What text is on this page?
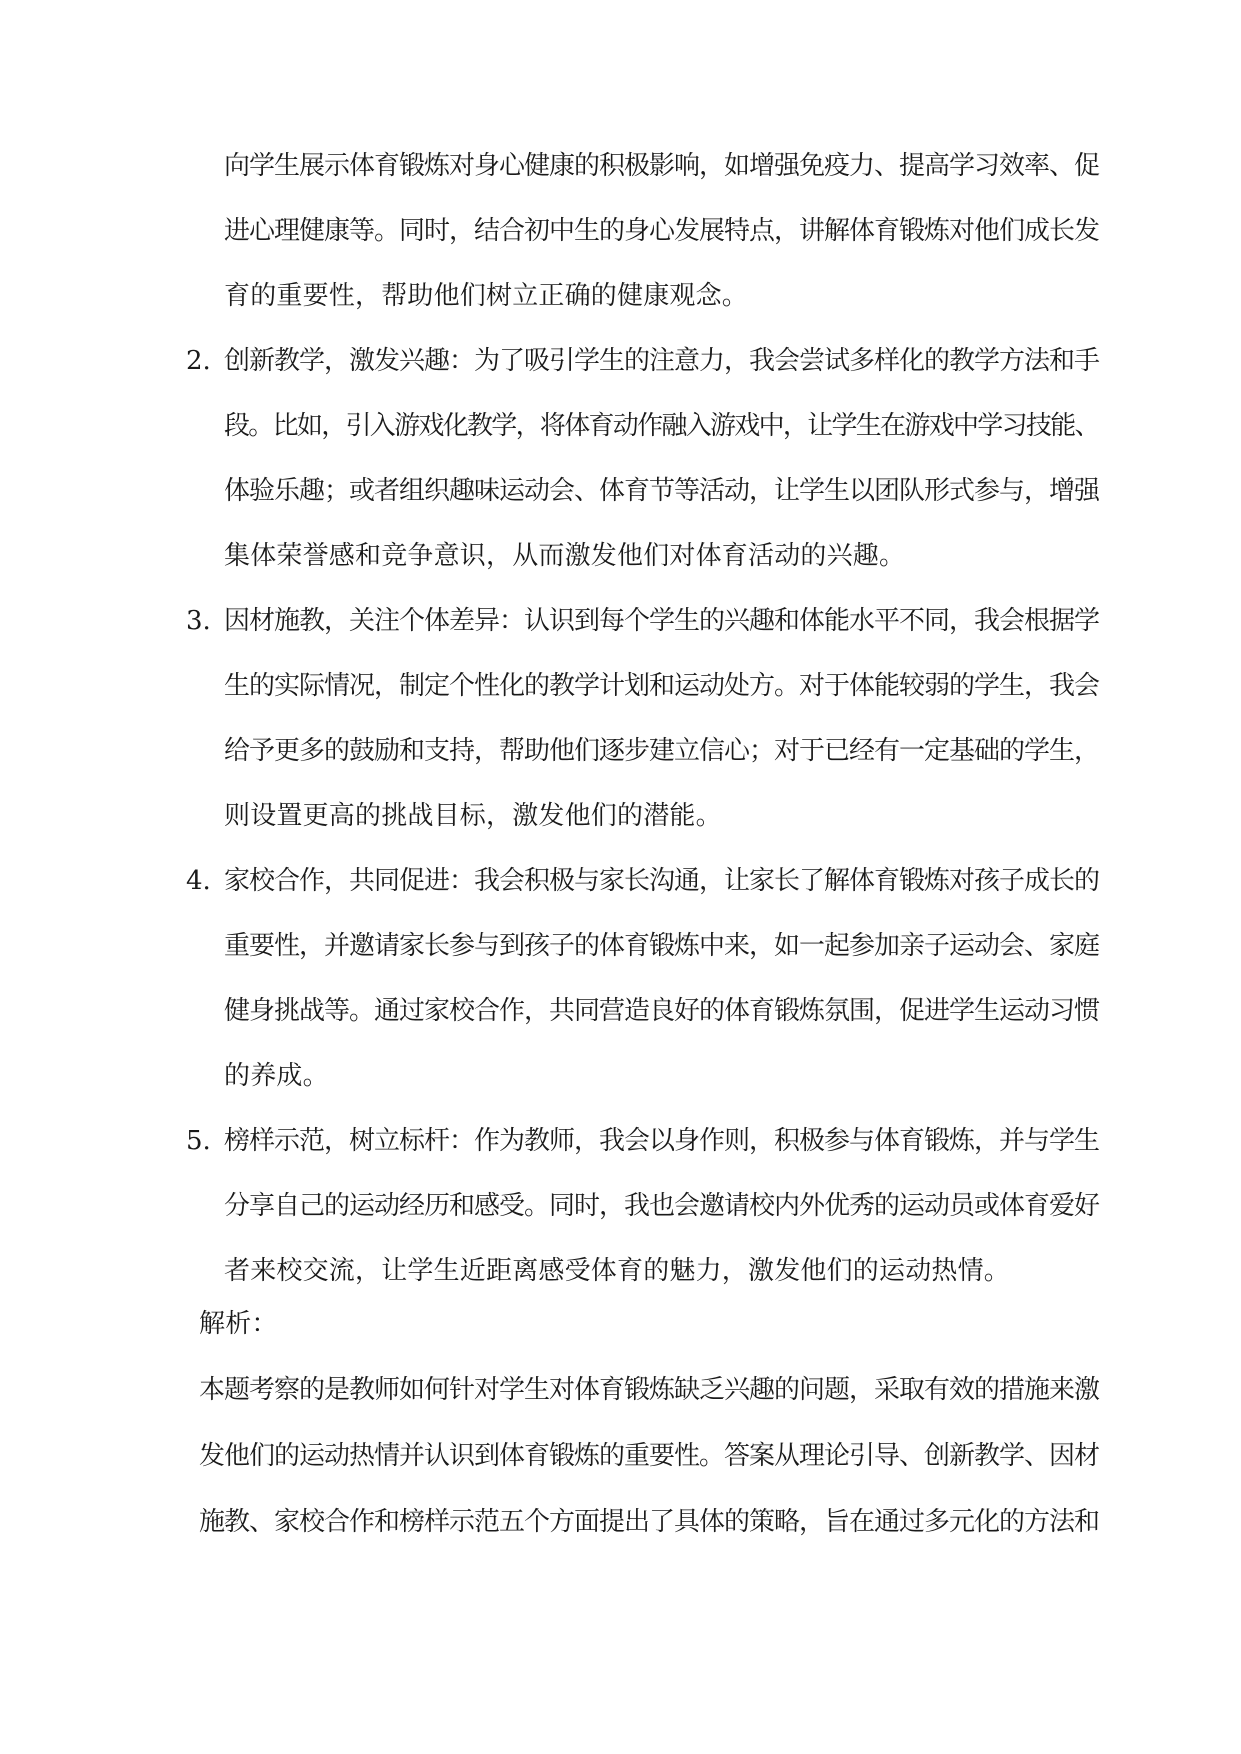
向学生展示体育锻炼对身心健康的积极影响，如增强免疫力、提高学习效率、促
进心理健康等。同时，结合初中生的身心发展特点，讲解体育锻炼对他们成长发
育的重要性，帮助他们树立正确的健康观念。
2. 创新教学，激发兴趣：为了吸引学生的注意力，我会尝试多样化的教学方法和手
段。比如，引入游戏化教学，将体育动作融入游戏中，让学生在游戏中学习技能、
体验乐趣；或者组织趣味运动会、体育节等活动，让学生以团队形式参与，增强
集体荣誉感和竞争意识，从而激发他们对体育活动的兴趣。
3. 因材施教，关注个体差异：认识到每个学生的兴趣和体能水平不同，我会根据学
生的实际情况，制定个性化的教学计划和运动处方。对于体能较弱的学生，我会
给予更多的鼓励和支持，帮助他们逐步建立信心；对于已经有一定基础的学生，
则设置更高的挑战目标，激发他们的潜能。
4. 家校合作，共同促进：我会积极与家长沟通，让家长了解体育锻炼对孩子成长的
重要性，并邀请家长参与到孩子的体育锻炼中来，如一起参加亲子运动会、家庭
健身挑战等。通过家校合作，共同营造良好的体育锻炼氛围，促进学生运动习惯
的养成。
5. 榜样示范，树立标杆：作为教师，我会以身作则，积极参与体育锻炼，并与学生
分享自己的运动经历和感受。同时，我也会邀请校内外优秀的运动员或体育爱好
者来校交流，让学生近距离感受体育的魅力，激发他们的运动热情。
解析：
本题考察的是教师如何针对学生对体育锻炼缺乏兴趣的问题，采取有效的措施来激
发他们的运动热情并认识到体育锻炼的重要性。答案从理论引导、创新教学、因材
施教、家校合作和榜样示范五个方面提出了具体的策略，旨在通过多元化的方法和
